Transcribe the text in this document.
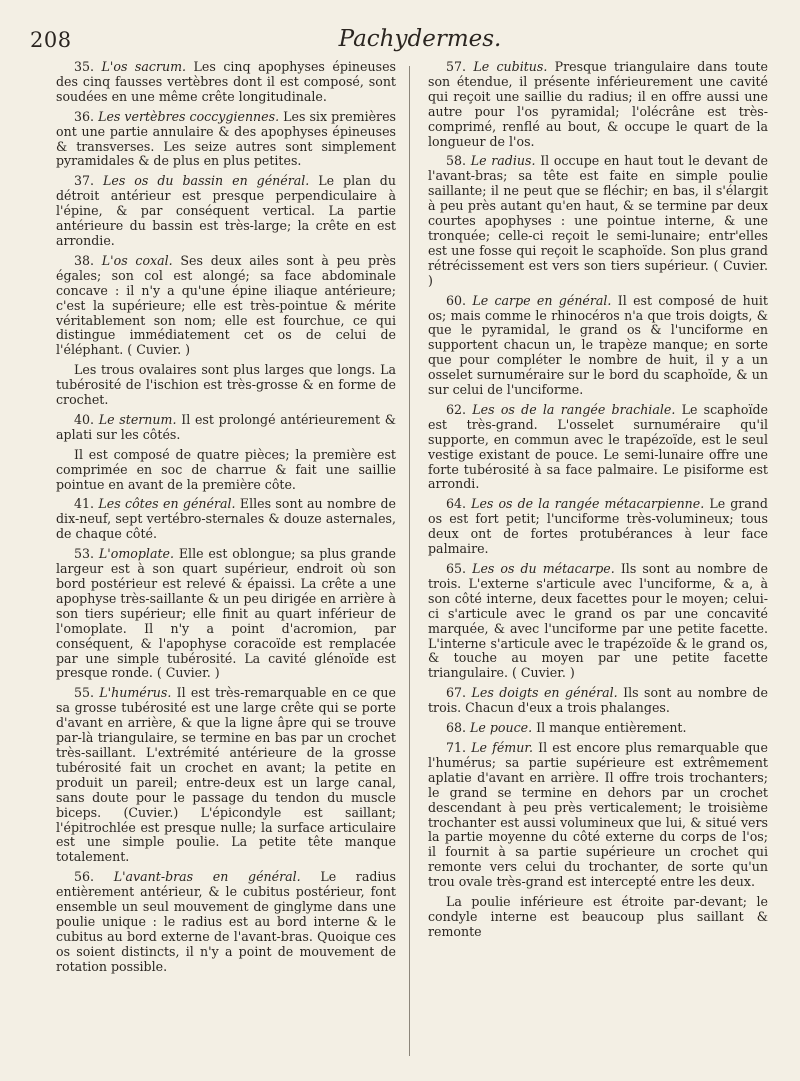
208	Pachydermes.

35. L'os sacrum. Les cinq apophyses épineuses des cinq fausses vertèbres dont il est composé, sont soudées en une même crête longitudinale.

36. Les vertèbres coccygiennes. Les six premières ont une partie annulaire & des apophyses épineuses & transverses. Les seize autres sont simplement pyramidales & de plus en plus petites.

37. Les os du bassin en général. Le plan du détroit antérieur est presque perpendiculaire à l'épine, & par conséquent vertical. La partie antérieure du bassin est très-large; la crête en est arrondie.

38. L'os coxal. Ses deux ailes sont à peu près égales; son col est alongé; sa face abdominale concave : il n'y a qu'une épine iliaque antérieure; c'est la supérieure; elle est très-pointue & mérite véritablement son nom; elle est fourchue, ce qui distingue immédiatement cet os de celui de l'éléphant. ( Cuvier. )

Les trous ovalaires sont plus larges que longs. La tubérosité de l'ischion est très-grosse & en forme de crochet.

40. Le sternum. Il est prolongé antérieurement & aplati sur les côtés.

Il est composé de quatre pièces; la première est comprimée en soc de charrue & fait une saillie pointue en avant de la première côte.

41. Les côtes en général. Elles sont au nombre de dix-neuf, sept vertébro-sternales & douze asternales, de chaque côté.

53. L'omoplate. Elle est oblongue; sa plus grande largeur est à son quart supérieur, endroit où son bord postérieur est relevé & épaissi. La crête a une apophyse très-saillante & un peu dirigée en arrière à son tiers supérieur; elle finit au quart inférieur de l'omoplate. Il n'y a point d'acromion, par conséquent, & l'apophyse coracoïde est remplacée par une simple tubérosité. La cavité glénoïde est presque ronde. ( Cuvier. )

55. L'humérus. Il est très-remarquable en ce que sa grosse tubérosité est une large crête qui se porte d'avant en arrière, & que la ligne âpre qui se trouve par-là triangulaire, se termine en bas par un crochet très-saillant. L'extrémité antérieure de la grosse tubérosité fait un crochet en avant; la petite en produit un pareil; entre-deux est un large canal, sans doute pour le passage du tendon du muscle biceps. (Cuvier.) L'épicondyle est saillant; l'épitrochlée est presque nulle; la surface articulaire est une simple poulie. La petite tête manque totalement.

56. L'avant-bras en général. Le radius entièrement antérieur, & le cubitus postérieur, font ensemble un seul mouvement de ginglyme dans une poulie unique : le radius est au bord interne & le cubitus au bord externe de l'avant-bras. Quoique ces os soient distincts, il n'y a point de mouvement de rotation possible.

57. Le cubitus. Presque triangulaire dans toute son étendue, il présente inférieurement une cavité qui reçoit une saillie du radius; il en offre aussi une autre pour l'os pyramidal; l'olécrâne est très-comprimé, renflé au bout, & occupe le quart de la longueur de l'os.

58. Le radius. Il occupe en haut tout le devant de l'avant-bras; sa tête est faite en simple poulie saillante; il ne peut que se fléchir; en bas, il s'élargit à peu près autant qu'en haut, & se termine par deux courtes apophyses : une pointue interne, & une tronquée; celle-ci reçoit le semi-lunaire; entr'elles est une fosse qui reçoit le scaphoïde. Son plus grand rétrécissement est vers son tiers supérieur. ( Cuvier. )

60. Le carpe en général. Il est composé de huit os; mais comme le rhinocéros n'a que trois doigts, & que le pyramidal, le grand os & l'unciforme en supportent chacun un, le trapèze manque; en sorte que pour compléter le nombre de huit, il y a un osselet surnuméraire sur le bord du scaphoïde, & un sur celui de l'unciforme.

62. Les os de la rangée brachiale. Le scaphoïde est très-grand. L'osselet surnuméraire qu'il supporte, en commun avec le trapézoïde, est le seul vestige existant de pouce. Le semi-lunaire offre une forte tubérosité à sa face palmaire. Le pisiforme est arrondi.

64. Les os de la rangée métacarpienne. Le grand os est fort petit; l'unciforme très-volumineux; tous deux ont de fortes protubérances à leur face palmaire.

65. Les os du métacarpe. Ils sont au nombre de trois. L'externe s'articule avec l'unciforme, & a, à son côté interne, deux facettes pour le moyen; celui-ci s'articule avec le grand os par une concavité marquée, & avec l'unciforme par une petite facette. L'interne s'articule avec le trapézoïde & le grand os, & touche au moyen par une petite facette triangulaire. ( Cuvier. )

67. Les doigts en général. Ils sont au nombre de trois. Chacun d'eux a trois phalanges.

68. Le pouce. Il manque entièrement.

71. Le fémur. Il est encore plus remarquable que l'humérus; sa partie supérieure est extrêmement aplatie d'avant en arrière. Il offre trois trochanters; le grand se termine en dehors par un crochet descendant à peu près verticalement; le troisième trochanter est aussi volumineux que lui, & situé vers la partie moyenne du côté externe du corps de l'os; il fournit à sa partie supérieure un crochet qui remonte vers celui du trochanter, de sorte qu'un trou ovale très-grand est intercepté entre les deux.

La poulie inférieure est étroite par-devant; le condyle interne est beaucoup plus saillant & remonte
